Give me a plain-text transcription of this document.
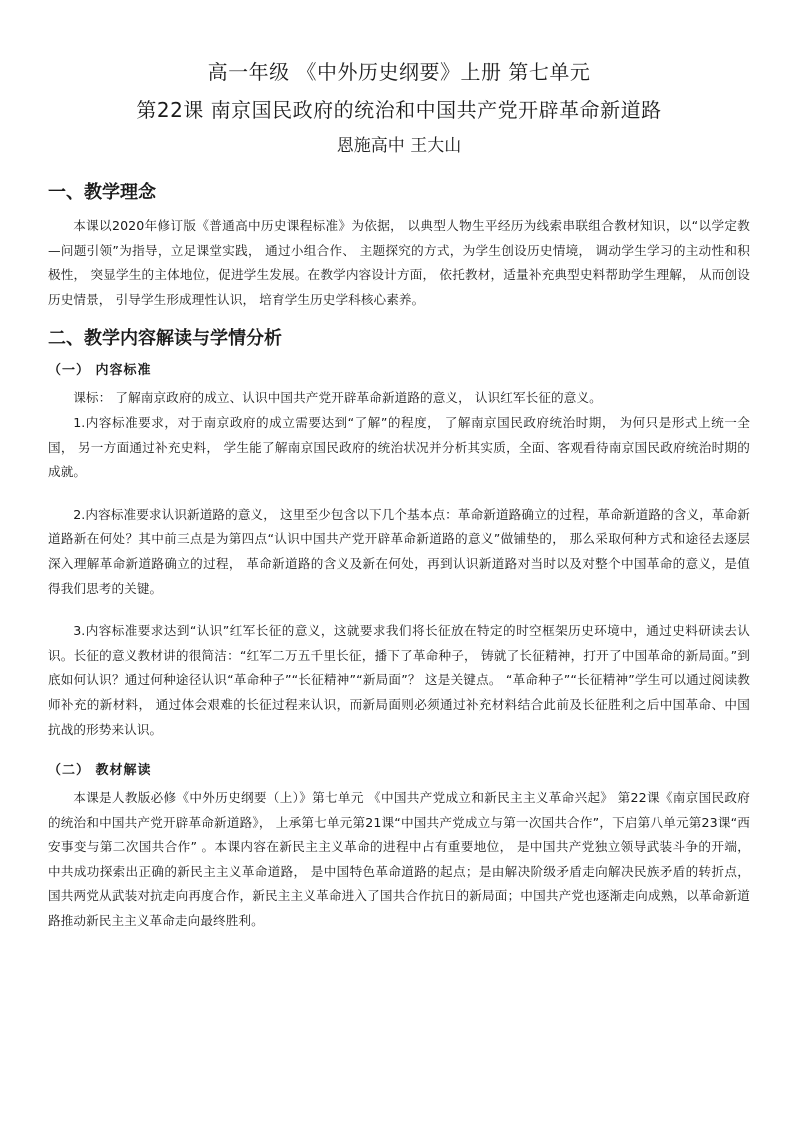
高一年级 《中外历史纲要》上册 第七单元
第22课 南京国民政府的统治和中国共产党开辟革命新道路
恩施高中 王大山
一、教学理念

本课以2020年修订版《普通高中历史课程标准》为依据， 以典型人物生平经历为线索串联组合教材知识，以“以学定教—问题引领”为指导，立足课堂实践， 通过小组合作、 主题探究的方式，为学生创设历史情境， 调动学生学习的主动性和积极性， 突显学生的主体地位，促进学生发展。在教学内容设计方面， 依托教材，适量补充典型史料帮助学生理解， 从而创设历史情景， 引导学生形成理性认识， 培育学生历史学科核心素养。

二、教学内容解读与学情分析
（一） 内容标准

课标： 了解南京政府的成立、认识中国共产党开辟革命新道路的意义， 认识红军长征的意义。

1.内容标准要求，对于南京政府的成立需要达到“了解”的程度， 了解南京国民政府统治时期， 为何只是形式上统一全国， 另一方面通过补充史料， 学生能了解南京国民政府的统治状况并分析其实质，全面、客观看待南京国民政府统治时期的成就。

2.内容标准要求认识新道路的意义， 这里至少包含以下几个基本点：革命新道路确立的过程，革命新道路的含义，革命新道路新在何处？其中前三点是为第四点“认识中国共产党开辟革命新道路的意义”做铺垫的， 那么采取何种方式和途径去逐层深入理解革命新道路确立的过程， 革命新道路的含义及新在何处，再到认识新道路对当时以及对整个中国革命的意义，是值得我们思考的关键。

3.内容标准要求达到“认识”红军长征的意义，这就要求我们将长征放在特定的时空框架历史环境中，通过史料研读去认识。长征的意义教材讲的很简洁：“红军二万五千里长征，播下了革命种子， 铸就了长征精神，打开了中国革命的新局面。”到底如何认识？通过何种途径认识“革命种子”“长征精神”“新局面”？ 这是关键点。 “革命种子”“长征精神”学生可以通过阅读教师补充的新材料， 通过体会艰难的长征过程来认识，而新局面则必须通过补充材料结合此前及长征胜利之后中国革命、中国抗战的形势来认识。

（二） 教材解读

本课是人教版必修《中外历史纲要（上）》第七单元 《中国共产党成立和新民主主义革命兴起》 第22课《南京国民政府的统治和中国共产党开辟革命新道路》， 上承第七单元第21课“中国共产党成立与第一次国共合作”，下启第八单元第23课“西安事变与第二次国共合作” 。本课内容在新民主主义革命的进程中占有重要地位， 是中国共产党独立领导武装斗争的开端， 中共成功探索出正确的新民主主义革命道路， 是中国特色革命道路的起点；是由解决阶级矛盾走向解决民族矛盾的转折点，国共两党从武装对抗走向再度合作，新民主主义革命进入了国共合作抗日的新局面；中国共产党也逐渐走向成熟，以革命新道路推动新民主主义革命走向最终胜利。
